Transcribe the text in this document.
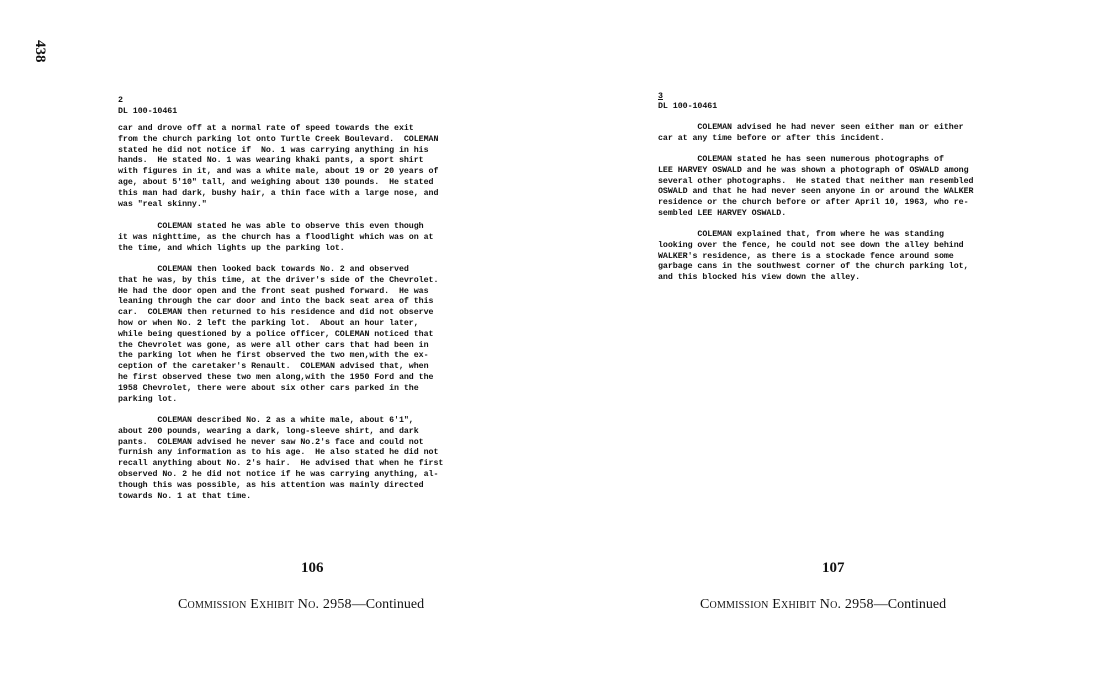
438
2
DL 100-10461
car and drove off at a normal rate of speed towards the exit
from the church parking lot onto Turtle Creek Boulevard.  COLEMAN
stated he did not notice if  No. 1 was carrying anything in his
hands.  He stated No. 1 was wearing khaki pants, a sport shirt
with figures in it, and was a white male, about 19 or 20 years of
age, about 5'10" tall, and weighing about 130 pounds.  He stated
this man had dark, bushy hair, a thin face with a large nose, and
was "real skinny."
COLEMAN stated he was able to observe this even though
it was nighttime, as the church has a floodlight which was on at
the time, and which lights up the parking lot.
COLEMAN then looked back towards No. 2 and observed
that he was, by this time, at the driver's side of the Chevrolet.
He had the door open and the front seat pushed forward.  He was
leaning through the car door and into the back seat area of this
car.  COLEMAN then returned to his residence and did not observe
how or when No. 2 left the parking lot.  About an hour later,
while being questioned by a police officer, COLEMAN noticed that
the Chevrolet was gone, as were all other cars that had been in
the parking lot when he first observed the two men,with the ex-
ception of the caretaker's Renault.  COLEMAN advised that, when
he first observed these two men along,with the 1950 Ford and the
1958 Chevrolet, there were about six other cars parked in the
parking lot.
COLEMAN described No. 2 as a white male, about 6'1",
about 200 pounds, wearing a dark, long-sleeve shirt, and dark
pants.  COLEMAN advised he never saw No.2's face and could not
furnish any information as to his age.  He also stated he did not
recall anything about No. 2's hair.  He advised that when he first
observed No. 2 he did not notice if he was carrying anything, al-
though this was possible, as his attention was mainly directed
towards No. 1 at that time.
106
Commission Exhibit No. 2958—Continued
3
DL 100-10461
COLEMAN advised he had never seen either man or either
car at any time before or after this incident.
COLEMAN stated he has seen numerous photographs of
LEE HARVEY OSWALD and he was shown a photograph of OSWALD among
several other photographs.  He stated that neither man resembled
OSWALD and that he had never seen anyone in or around the WALKER
residence or the church before or after April 10, 1963, who re-
sembled LEE HARVEY OSWALD.
COLEMAN explained that, from where he was standing
looking over the fence, he could not see down the alley behind
WALKER's residence, as there is a stockade fence around some
garbage cans in the southwest corner of the church parking lot,
and this blocked his view down the alley.
107
Commission Exhibit No. 2958—Continued
